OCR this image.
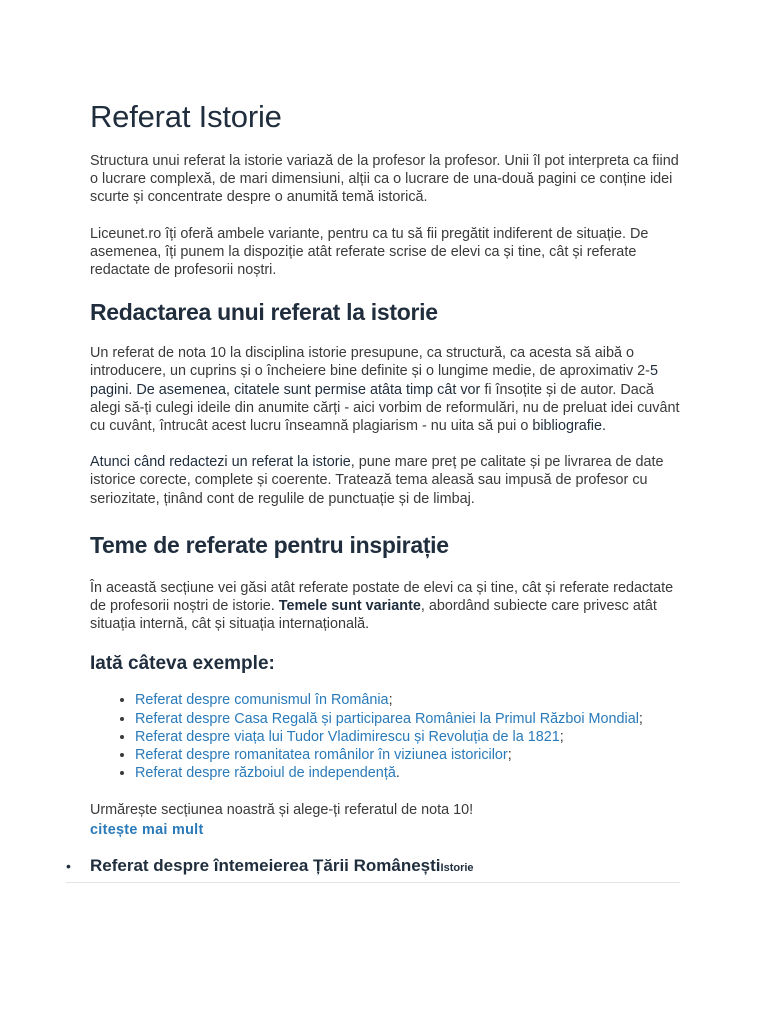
Referat Istorie

Structura unui referat la istorie variază de la profesor la profesor. Unii îl pot interpreta ca fiind o lucrare complexă, de mari dimensiuni, alții ca o lucrare de una-două pagini ce conține idei scurte și concentrate despre o anumită temă istorică.

Liceunet.ro îți oferă ambele variante, pentru ca tu să fii pregătit indiferent de situație. De asemenea, îți punem la dispoziție atât referate scrise de elevi ca și tine, cât și referate redactate de profesorii noștri.

Redactarea unui referat la istorie

Un referat de nota 10 la disciplina istorie presupune, ca structură, ca acesta să aibă o introducere, un cuprins și o încheiere bine definite și o lungime medie, de aproximativ 2-5 pagini. De asemenea, citatele sunt permise atâta timp cât vor fi însoțite și de autor. Dacă alegi să-ți culegi ideile din anumite cărți - aici vorbim de reformulări, nu de preluat idei cuvânt cu cuvânt, întrucât acest lucru înseamnă plagiarism - nu uita să pui o bibliografie.

Atunci când redactezi un referat la istorie, pune mare preț pe calitate și pe livrarea de date istorice corecte, complete și coerente. Tratează tema aleasă sau impusă de profesor cu seriozitate, ținând cont de regulile de punctuație și de limbaj.

Teme de referate pentru inspirație

În această secțiune vei găsi atât referate postate de elevi ca și tine, cât și referate redactate de profesorii noștri de istorie. Temele sunt variante, abordând subiecte care privesc atât situația internă, cât și situația internațională.

Iată câteva exemple:
• Referat despre comunismul în România;
• Referat despre Casa Regală și participarea României la Primul Război Mondial;
• Referat despre viața lui Tudor Vladimirescu și Revoluția de la 1821;
• Referat despre romanitatea românilor în viziunea istoricilor;
• Referat despre războiul de independență.

Urmărește secțiunea noastră și alege-ți referatul de nota 10!

citește mai mult
•	Referat despre întemeierea Țării Românești Istorie
